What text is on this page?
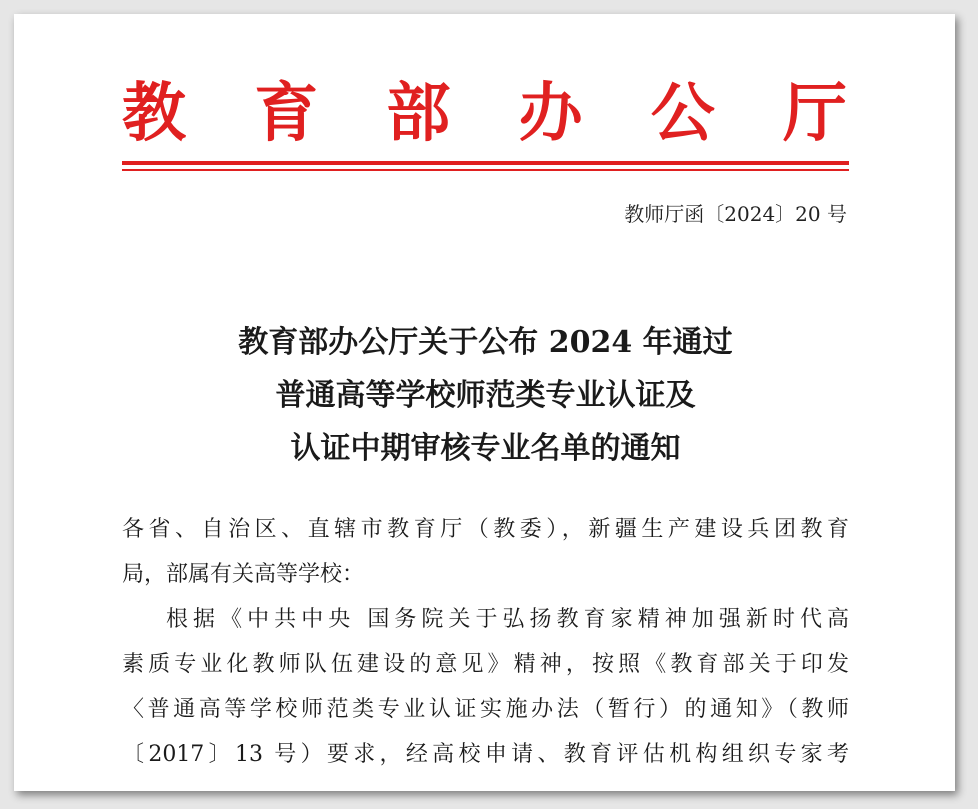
教育部办公厅
教师厅函〔2024〕20 号
教育部办公厅关于公布 2024 年通过
普通高等学校师范类专业认证及
认证中期审核专业名单的通知
各省、自治区、直辖市教育厅（教委），新疆生产建设兵团教育
局，部属有关高等学校：
根据《中共中央 国务院关于弘扬教育家精神加强新时代高
素质专业化教师队伍建设的意见》精神，按照《教育部关于印发
〈普通高等学校师范类专业认证实施办法（暂行）的通知》（教师
〔2017〕13 号）要求，经高校申请、教育评估机构组织专家考
